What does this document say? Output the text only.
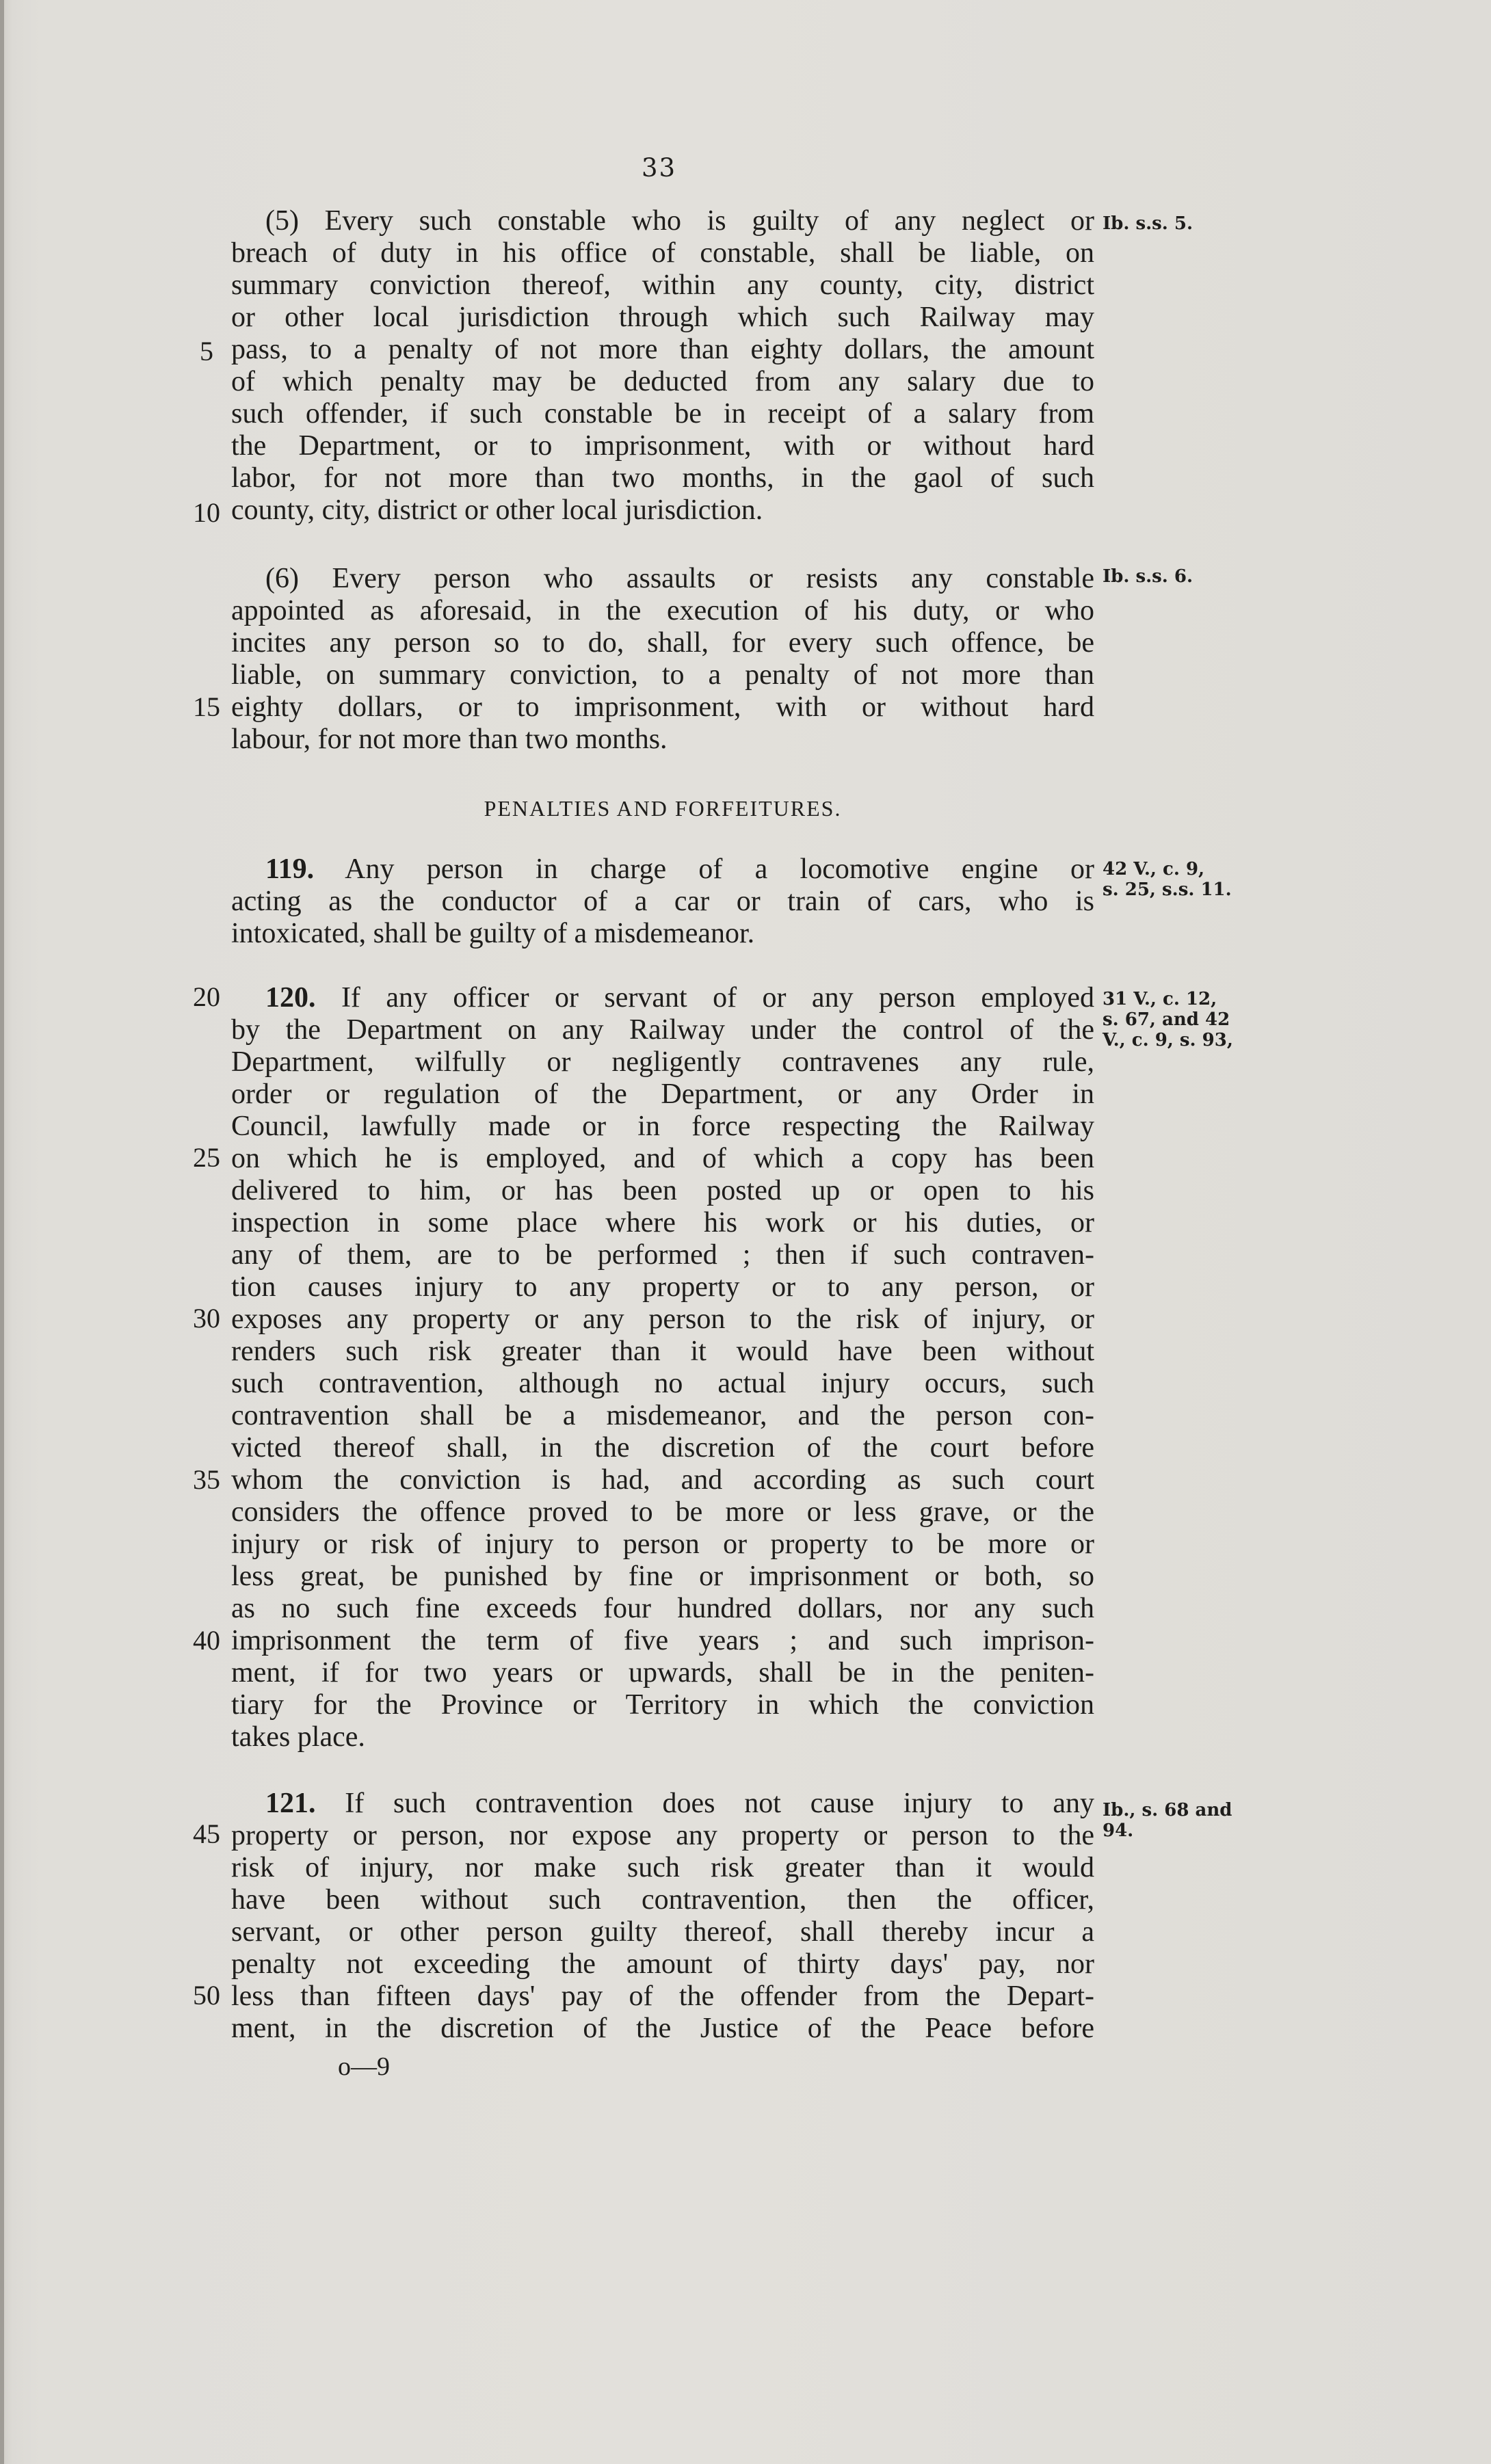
33
(5) Every such constable who is guilty of any neglect or
breach of duty in his office of constable, shall be liable, on
summary conviction thereof, within any county, city, district
or other local jurisdiction through which such Railway may
pass, to a penalty of not more than eighty dollars, the amount
of which penalty may be deducted from any salary due to
such offender, if such constable be in receipt of a salary from
the Department, or to imprisonment, with or without hard
labor, for not more than two months, in the gaol of such
county, city, district or other local jurisdiction.
(6) Every person who assaults or resists any constable
appointed as aforesaid, in the execution of his duty, or who
incites any person so to do, shall, for every such offence, be
liable, on summary conviction, to a penalty of not more than
eighty dollars, or to imprisonment, with or without hard
labour, for not more than two months.
PENALTIES AND FORFEITURES.
119. Any person in charge of a locomotive engine or
acting as the conductor of a car or train of cars, who is
intoxicated, shall be guilty of a misdemeanor.
120. If any officer or servant of or any person employed
by the Department on any Railway under the control of the
Department, wilfully or negligently contravenes any rule,
order or regulation of the Department, or any Order in
Council, lawfully made or in force respecting the Railway
on which he is employed, and of which a copy has been
delivered to him, or has been posted up or open to his
inspection in some place where his work or his duties, or
any of them, are to be performed ; then if such contraven-
tion causes injury to any property or to any person, or
exposes any property or any person to the risk of injury, or
renders such risk greater than it would have been without
such contravention, although no actual injury occurs, such
contravention shall be a misdemeanor, and the person con-
victed thereof shall, in the discretion of the court before
whom the conviction is had, and according as such court
considers the offence proved to be more or less grave, or the
injury or risk of injury to person or property to be more or
less great, be punished by fine or imprisonment or both, so
as no such fine exceeds four hundred dollars, nor any such
imprisonment the term of five years ; and such imprison-
ment, if for two years or upwards, shall be in the peniten-
tiary for the Province or Territory in which the conviction
takes place.
121. If such contravention does not cause injury to any
property or person, nor expose any property or person to the
risk of injury, nor make such risk greater than it would
have been without such contravention, then the officer,
servant, or other person guilty thereof, shall thereby incur a
penalty not exceeding the amount of thirty days' pay, nor
less than fifteen days' pay of the offender from the Depart-
ment, in the discretion of the Justice of the Peace before
5
10
15
20
25
30
35
40
45
50
Ib. s.s. 5.
Ib. s.s. 6.
42 V., c. 9,
s. 25, s.s. 11.
31 V., c. 12,
s. 67, and 42
V., c. 9, s. 93,
Ib., s. 68 and
94.
o—9
